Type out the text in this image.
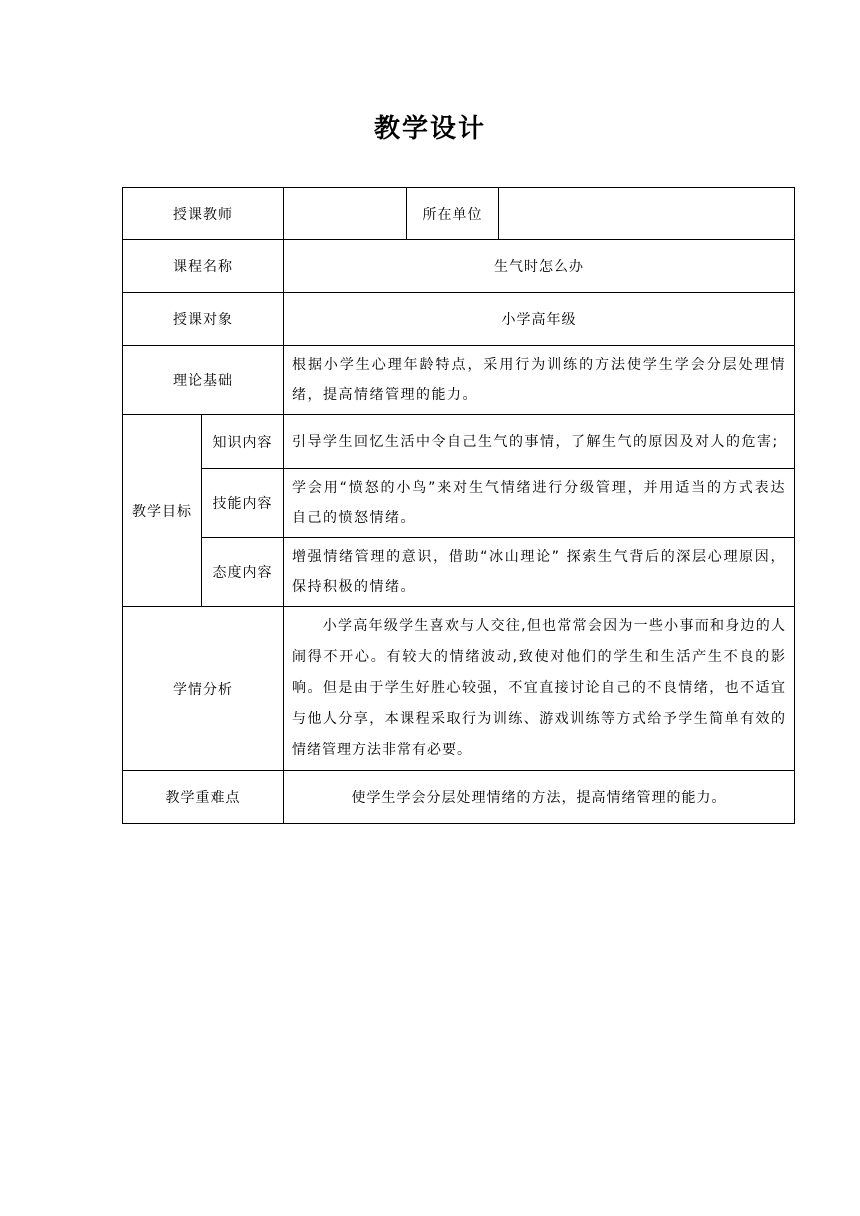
教学设计
授课教师			所在单位	
课程名称		生气时怎么办		
授课对象		小学高年级		
理论基础		根据小学生心理年龄特点，采用行为训练的方法使学生学会分层处理情绪，提高情绪管理的能力。		
教学目标	知识内容	引导学生回忆生活中令自己生气的事情，了解生气的原因及对人的危害;		
	技能内容	学会用“愤怒的小鸟”来对生气情绪进行分级管理，并用适当的方式表达自己的愤怒情绪。		
	态度内容	增强情绪管理的意识，借助“冰山理论” 探索生气背后的深层心理原因，保持积极的情绪。		
学情分析		小学高年级学生喜欢与人交往,但也常常会因为一些小事而和身边的人闹得不开心。有较大的情绪波动,致使对他们的学生和生活产生不良的影响。但是由于学生好胜心较强，不宜直接讨论自己的不良情绪，也不适宜与他人分享，本课程采取行为训练、游戏训练等方式给予学生简单有效的情绪管理方法非常有必要。		
教学重难点		使学生学会分层处理情绪的方法，提高情绪管理的能力。		
